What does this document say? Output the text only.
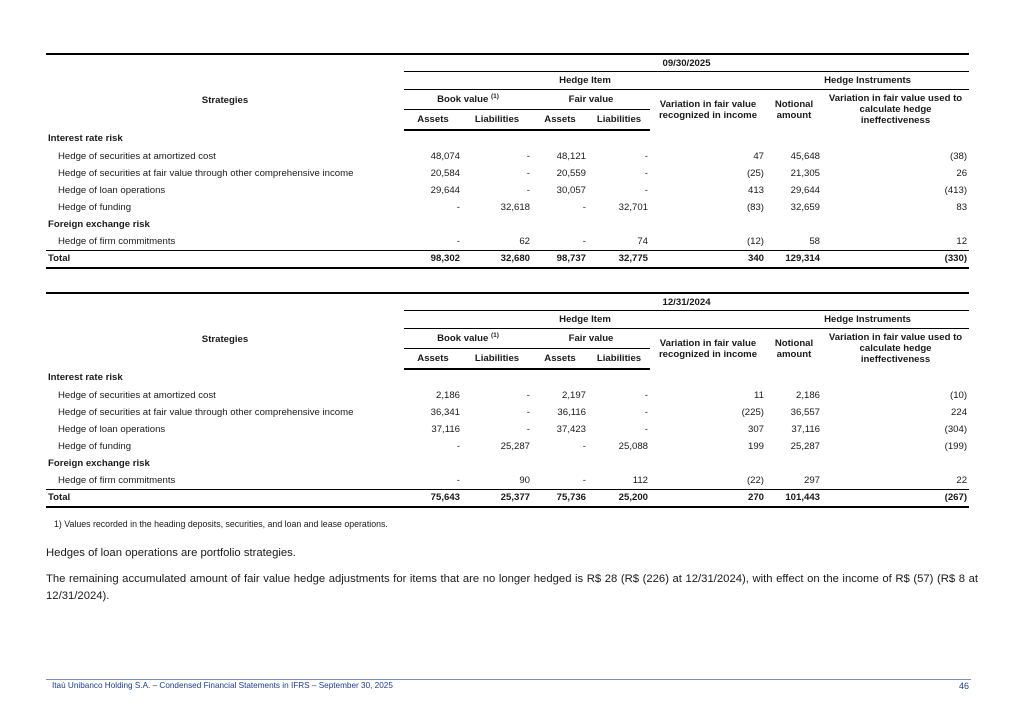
	09/30/2025						
Strategies	Hedge Item					Hedge Instruments	
	Book value $^{(1)}$		Fair value		Variation in fair value recognized in income	Notional amount	Variation in fair value used to calculate hedge ineffectiveness
	Assets	Liabilities	Assets	Liabilities			
Interest rate risk							
Hedge of securities at amortized cost	48,074	-	48,121	-	47	45,648	(38)
Hedge of securities at fair value through other comprehensive income	20,584	-	20,559	-	(25)	21,305	26
Hedge of loan operations	29,644	-	30,057	-	413	29,644	(413)
Hedge of funding	-	32,618	-	32,701	(83)	32,659	83
Foreign exchange risk							
Hedge of firm commitments	-	62	-	74	(12)	58	12
Total	98,302	32,680	98,737	32,775	340	129,314	(330)
	12/31/2024						
Strategies	Hedge Item					Hedge Instruments	
	Book value $^{(1)}$		Fair value		Variation in fair value recognized in income	Notional amount	Variation in fair value used to calculate hedge ineffectiveness
	Assets	Liabilities	Assets	Liabilities			
Interest rate risk							
Hedge of securities at amortized cost	2,186	-	2,197	-	11	2,186	(10)
Hedge of securities at fair value through other comprehensive income	36,341	-	36,116	-	(225)	36,557	224
Hedge of loan operations	37,116	-	37,423	-	307	37,116	(304)
Hedge of funding	-	25,287	-	25,088	199	25,287	(199)
Foreign exchange risk							
Hedge of firm commitments	-	90	-	112	(22)	297	22
Total	75,643	25,377	75,736	25,200	270	101,443	(267)
1) Values recorded in the heading deposits, securities, and loan and lease operations.
Hedges of loan operations are portfolio strategies.
The remaining accumulated amount of fair value hedge adjustments for items that are no longer hedged is R$ 28 (R$ (226) at 12/31/2024), with effect on the income of R$ (57) (R$ 8 at 12/31/2024).
Itaú Unibanco Holding S.A. – Condensed Financial Statements in IFRS – September 30, 2025	46
